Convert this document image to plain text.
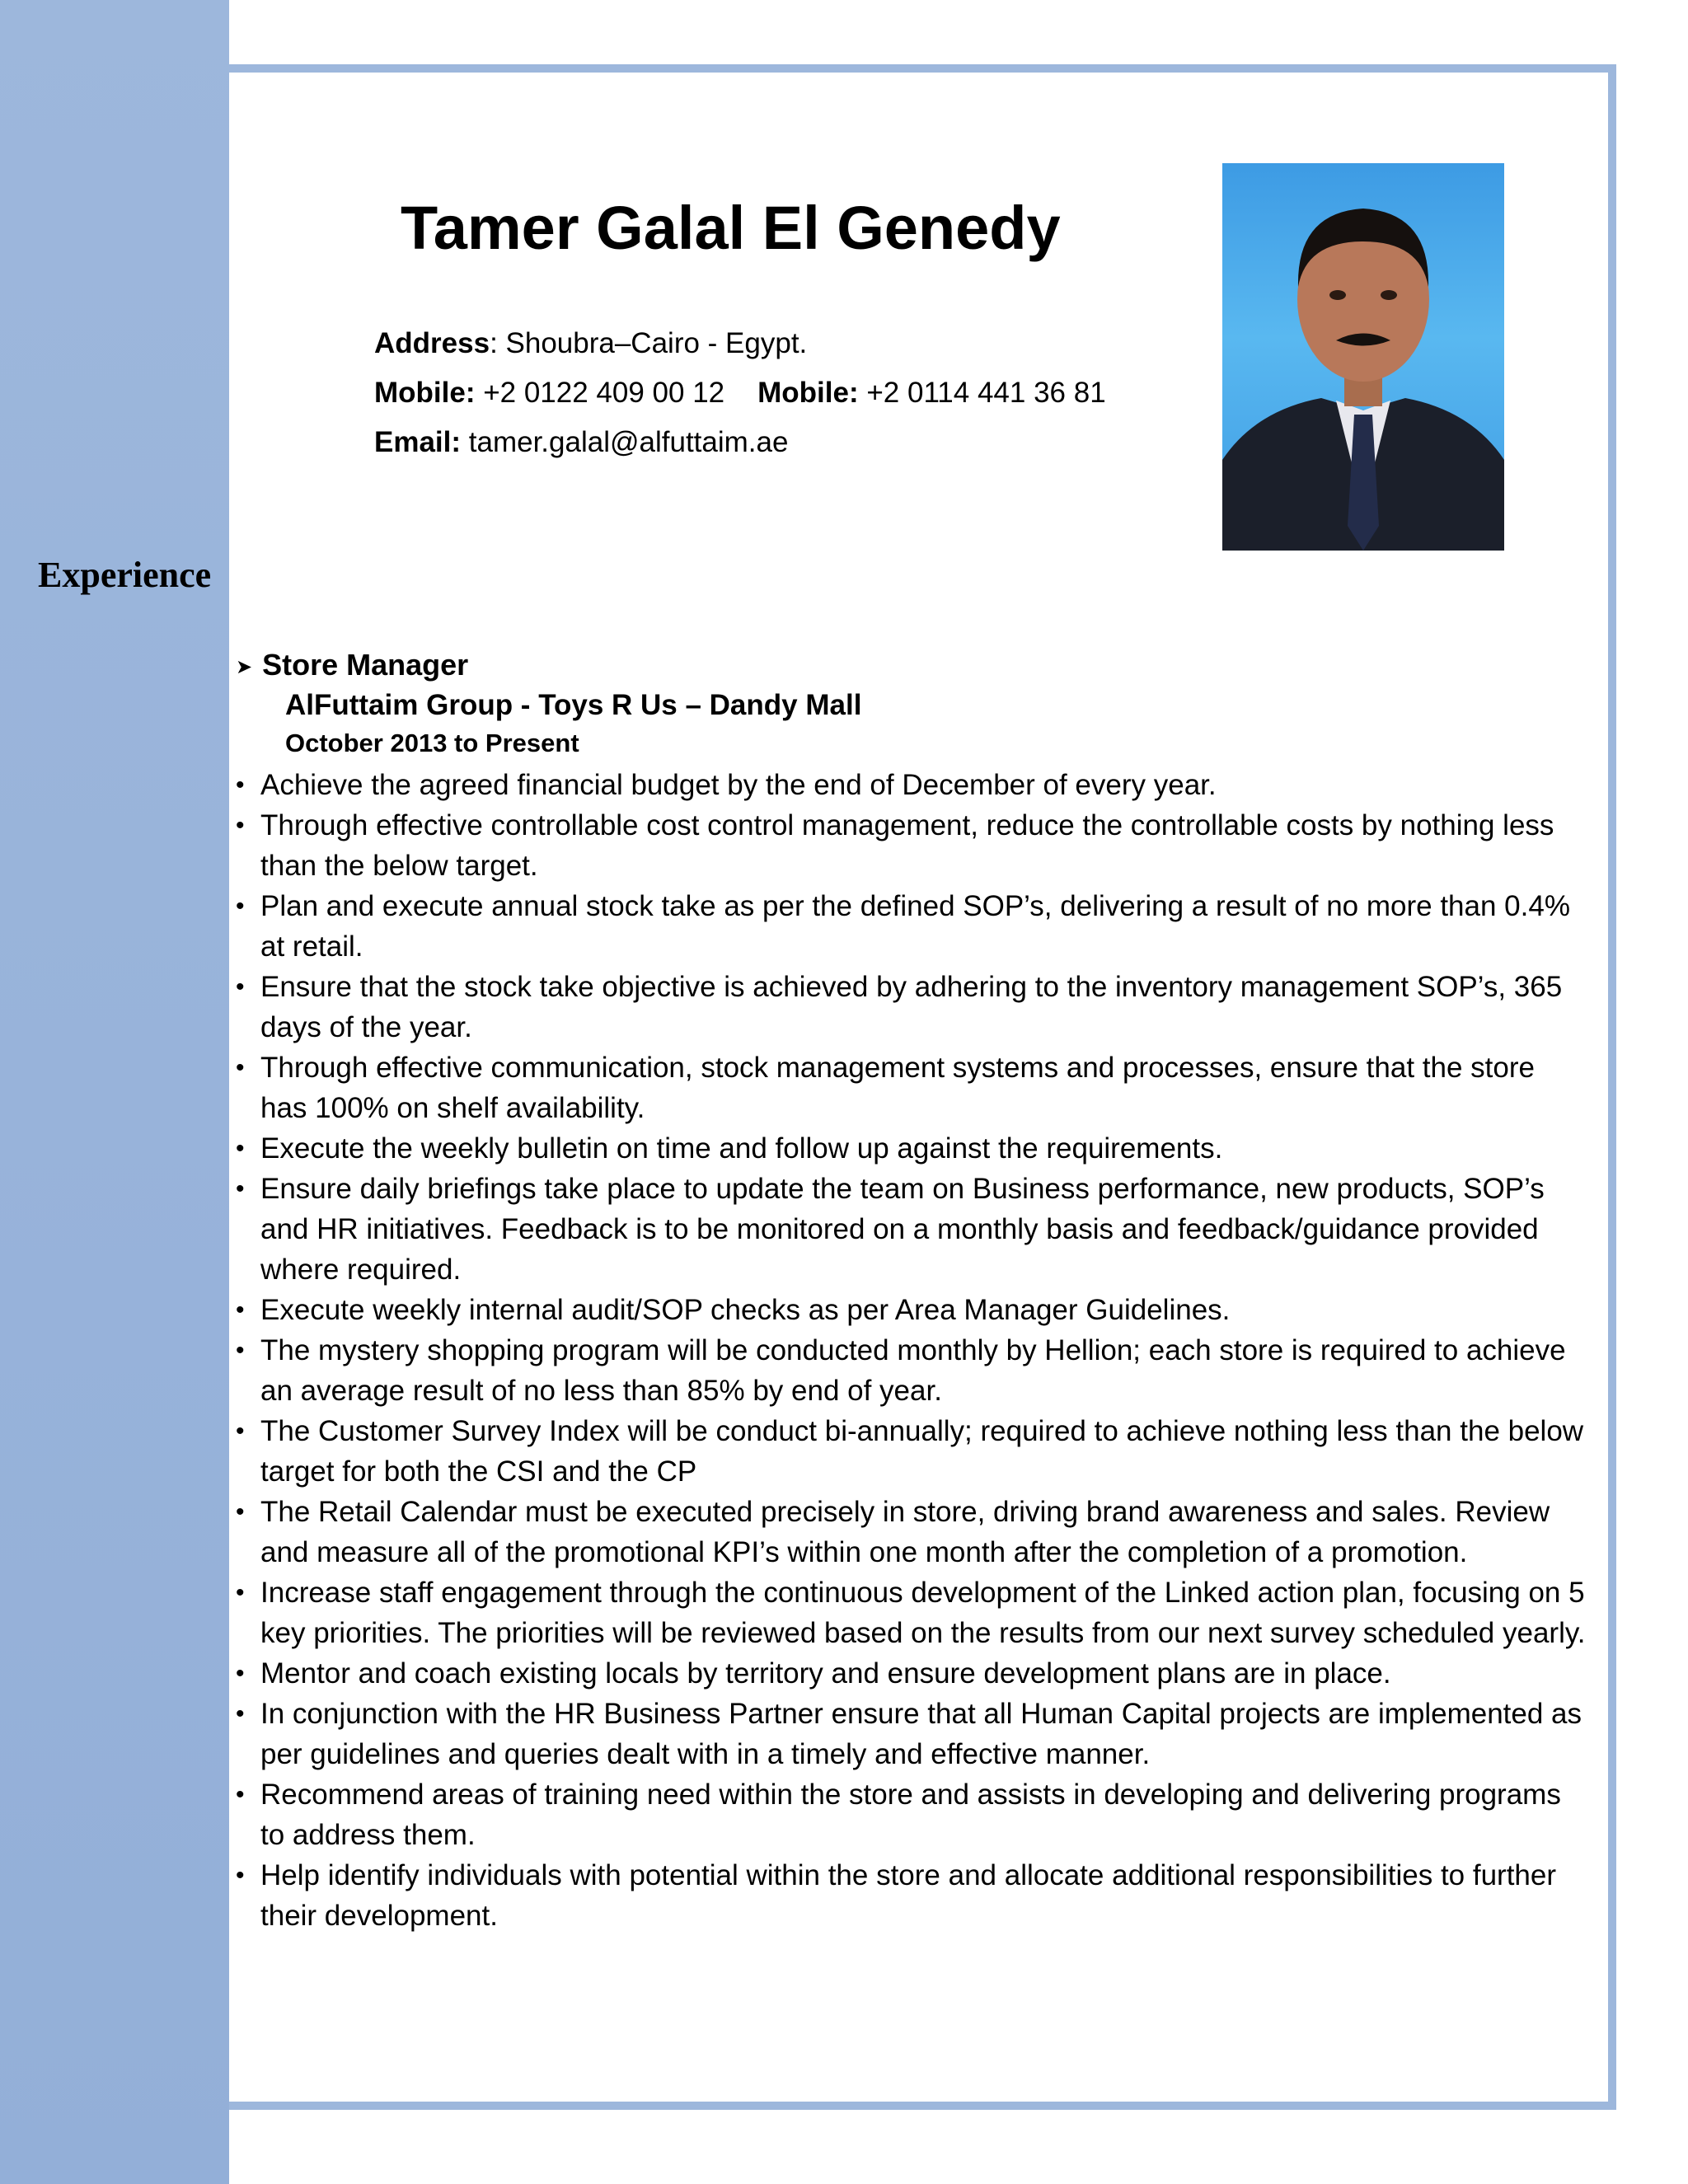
Tamer Galal El Genedy
Address: Shoubra–Cairo - Egypt.
Mobile: +2 0122 409 00 12 Mobile: +2 0114 441 36 81
Email: tamer.galal@alfuttaim.ae
Experience
➤ Store Manager
AlFuttaim Group - Toys R Us – Dandy Mall
October 2013 to Present
• Achieve the agreed financial budget by the end of December of every year.
• Through effective controllable cost control management, reduce the controllable costs by nothing less than the below target.
• Plan and execute annual stock take as per the defined SOP’s, delivering a result of no more than 0.4% at retail.
• Ensure that the stock take objective is achieved by adhering to the inventory management SOP’s, 365 days of the year.
• Through effective communication, stock management systems and processes, ensure that the store has 100% on shelf availability.
• Execute the weekly bulletin on time and follow up against the requirements.
• Ensure daily briefings take place to update the team on Business performance, new products, SOP’s and HR initiatives. Feedback is to be monitored on a monthly basis and feedback/guidance provided where required.
• Execute weekly internal audit/SOP checks as per Area Manager Guidelines.
• The mystery shopping program will be conducted monthly by Hellion; each store is required to achieve an average result of no less than 85% by end of year.
• The Customer Survey Index will be conduct bi-annually; required to achieve nothing less than the below target for both the CSI and the CP
• The Retail Calendar must be executed precisely in store, driving brand awareness and sales. Review and measure all of the promotional KPI’s within one month after the completion of a promotion.
• Increase staff engagement through the continuous development of the Linked action plan, focusing on 5 key priorities. The priorities will be reviewed based on the results from our next survey scheduled yearly.
• Mentor and coach existing locals by territory and ensure development plans are in place.
• In conjunction with the HR Business Partner ensure that all Human Capital projects are implemented as per guidelines and queries dealt with in a timely and effective manner.
• Recommend areas of training need within the store and assists in developing and delivering programs to address them.
• Help identify individuals with potential within the store and allocate additional responsibilities to further their development.
